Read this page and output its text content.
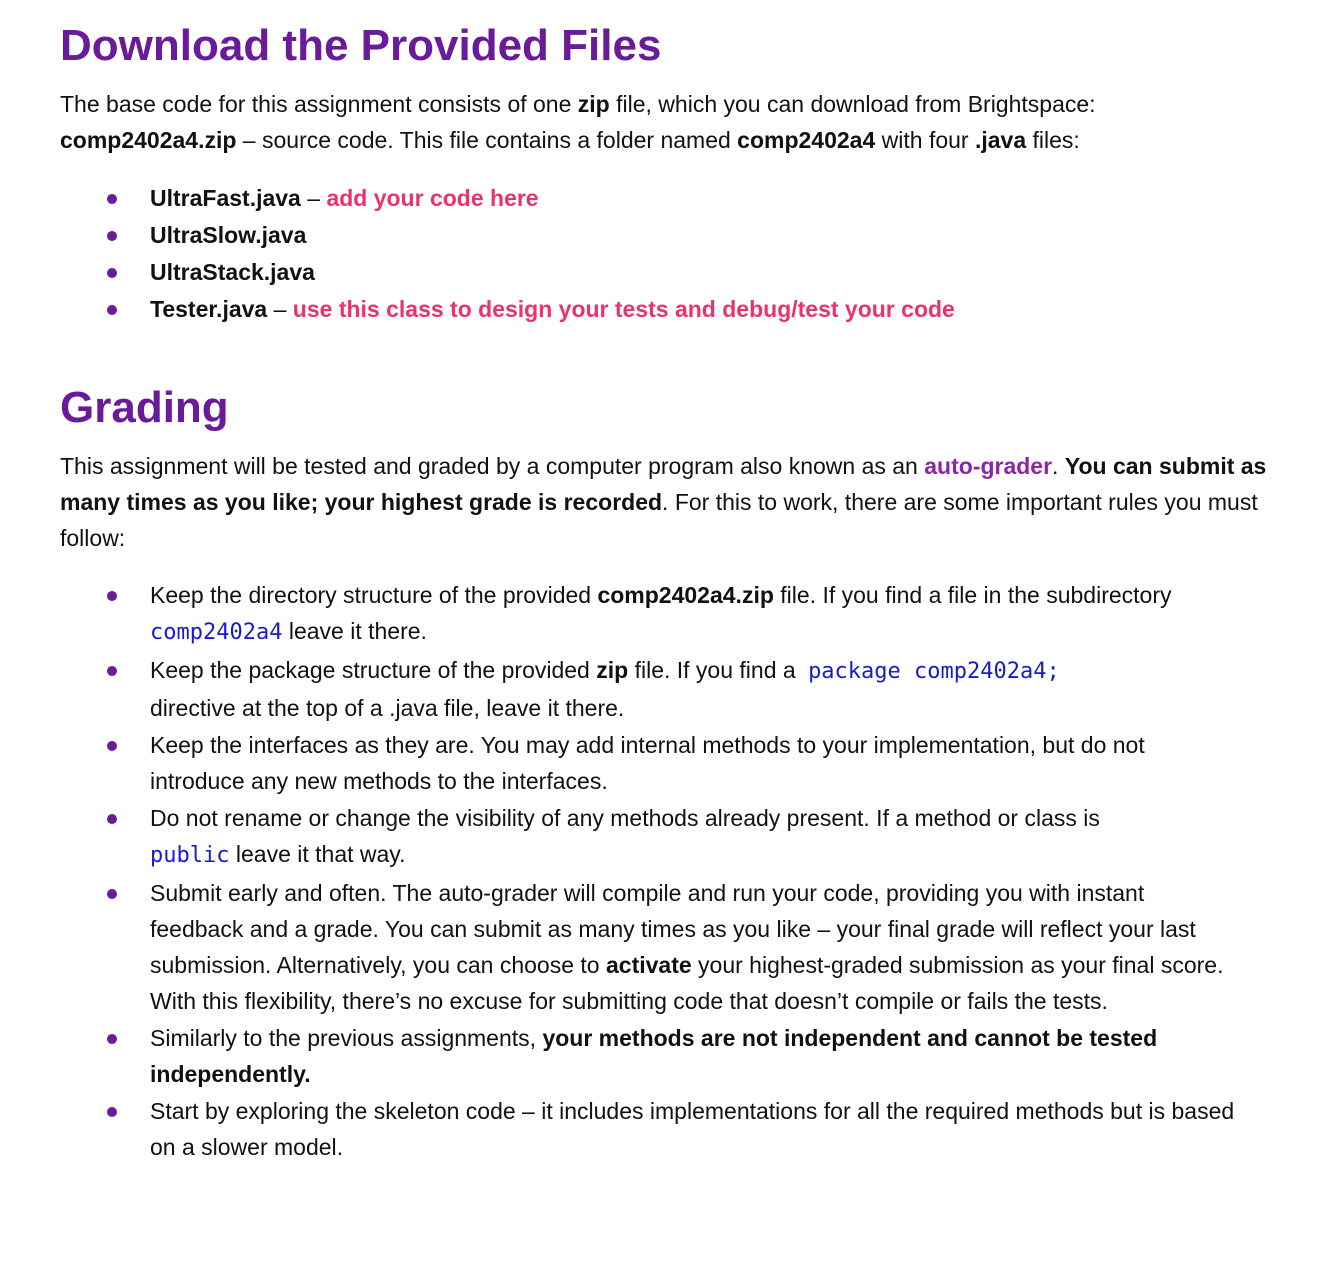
Download the Provided Files

The base code for this assignment consists of one zip file, which you can download from Brightspace:
comp2402a4.zip – source code. This file contains a folder named comp2402a4 with four .java files:

UltraFast.java – add your code here
UltraSlow.java
UltraStack.java
Tester.java – use this class to design your tests and debug/test your code
Grading

This assignment will be tested and graded by a computer program also known as an auto-grader. You can submit as many times as you like; your highest grade is recorded. For this to work, there are some important rules you must follow:

Keep the directory structure of the provided comp2402a4.zip file. If you find a file in the subdirectory comp2402a4 leave it there.
Keep the package structure of the provided zip file. If you find a package comp2402a4;
directive at the top of a .java file, leave it there.
Keep the interfaces as they are. You may add internal methods to your implementation, but do not introduce any new methods to the interfaces.
Do not rename or change the visibility of any methods already present. If a method or class is
public leave it that way.
Submit early and often. The auto-grader will compile and run your code, providing you with instant feedback and a grade. You can submit as many times as you like – your final grade will reflect your last submission. Alternatively, you can choose to activate your highest-graded submission as your final score. With this flexibility, there’s no excuse for submitting code that doesn’t compile or fails the tests.
Similarly to the previous assignments, your methods are not independent and cannot be tested independently.
Start by exploring the skeleton code – it includes implementations for all the required methods but is based on a slower model.
